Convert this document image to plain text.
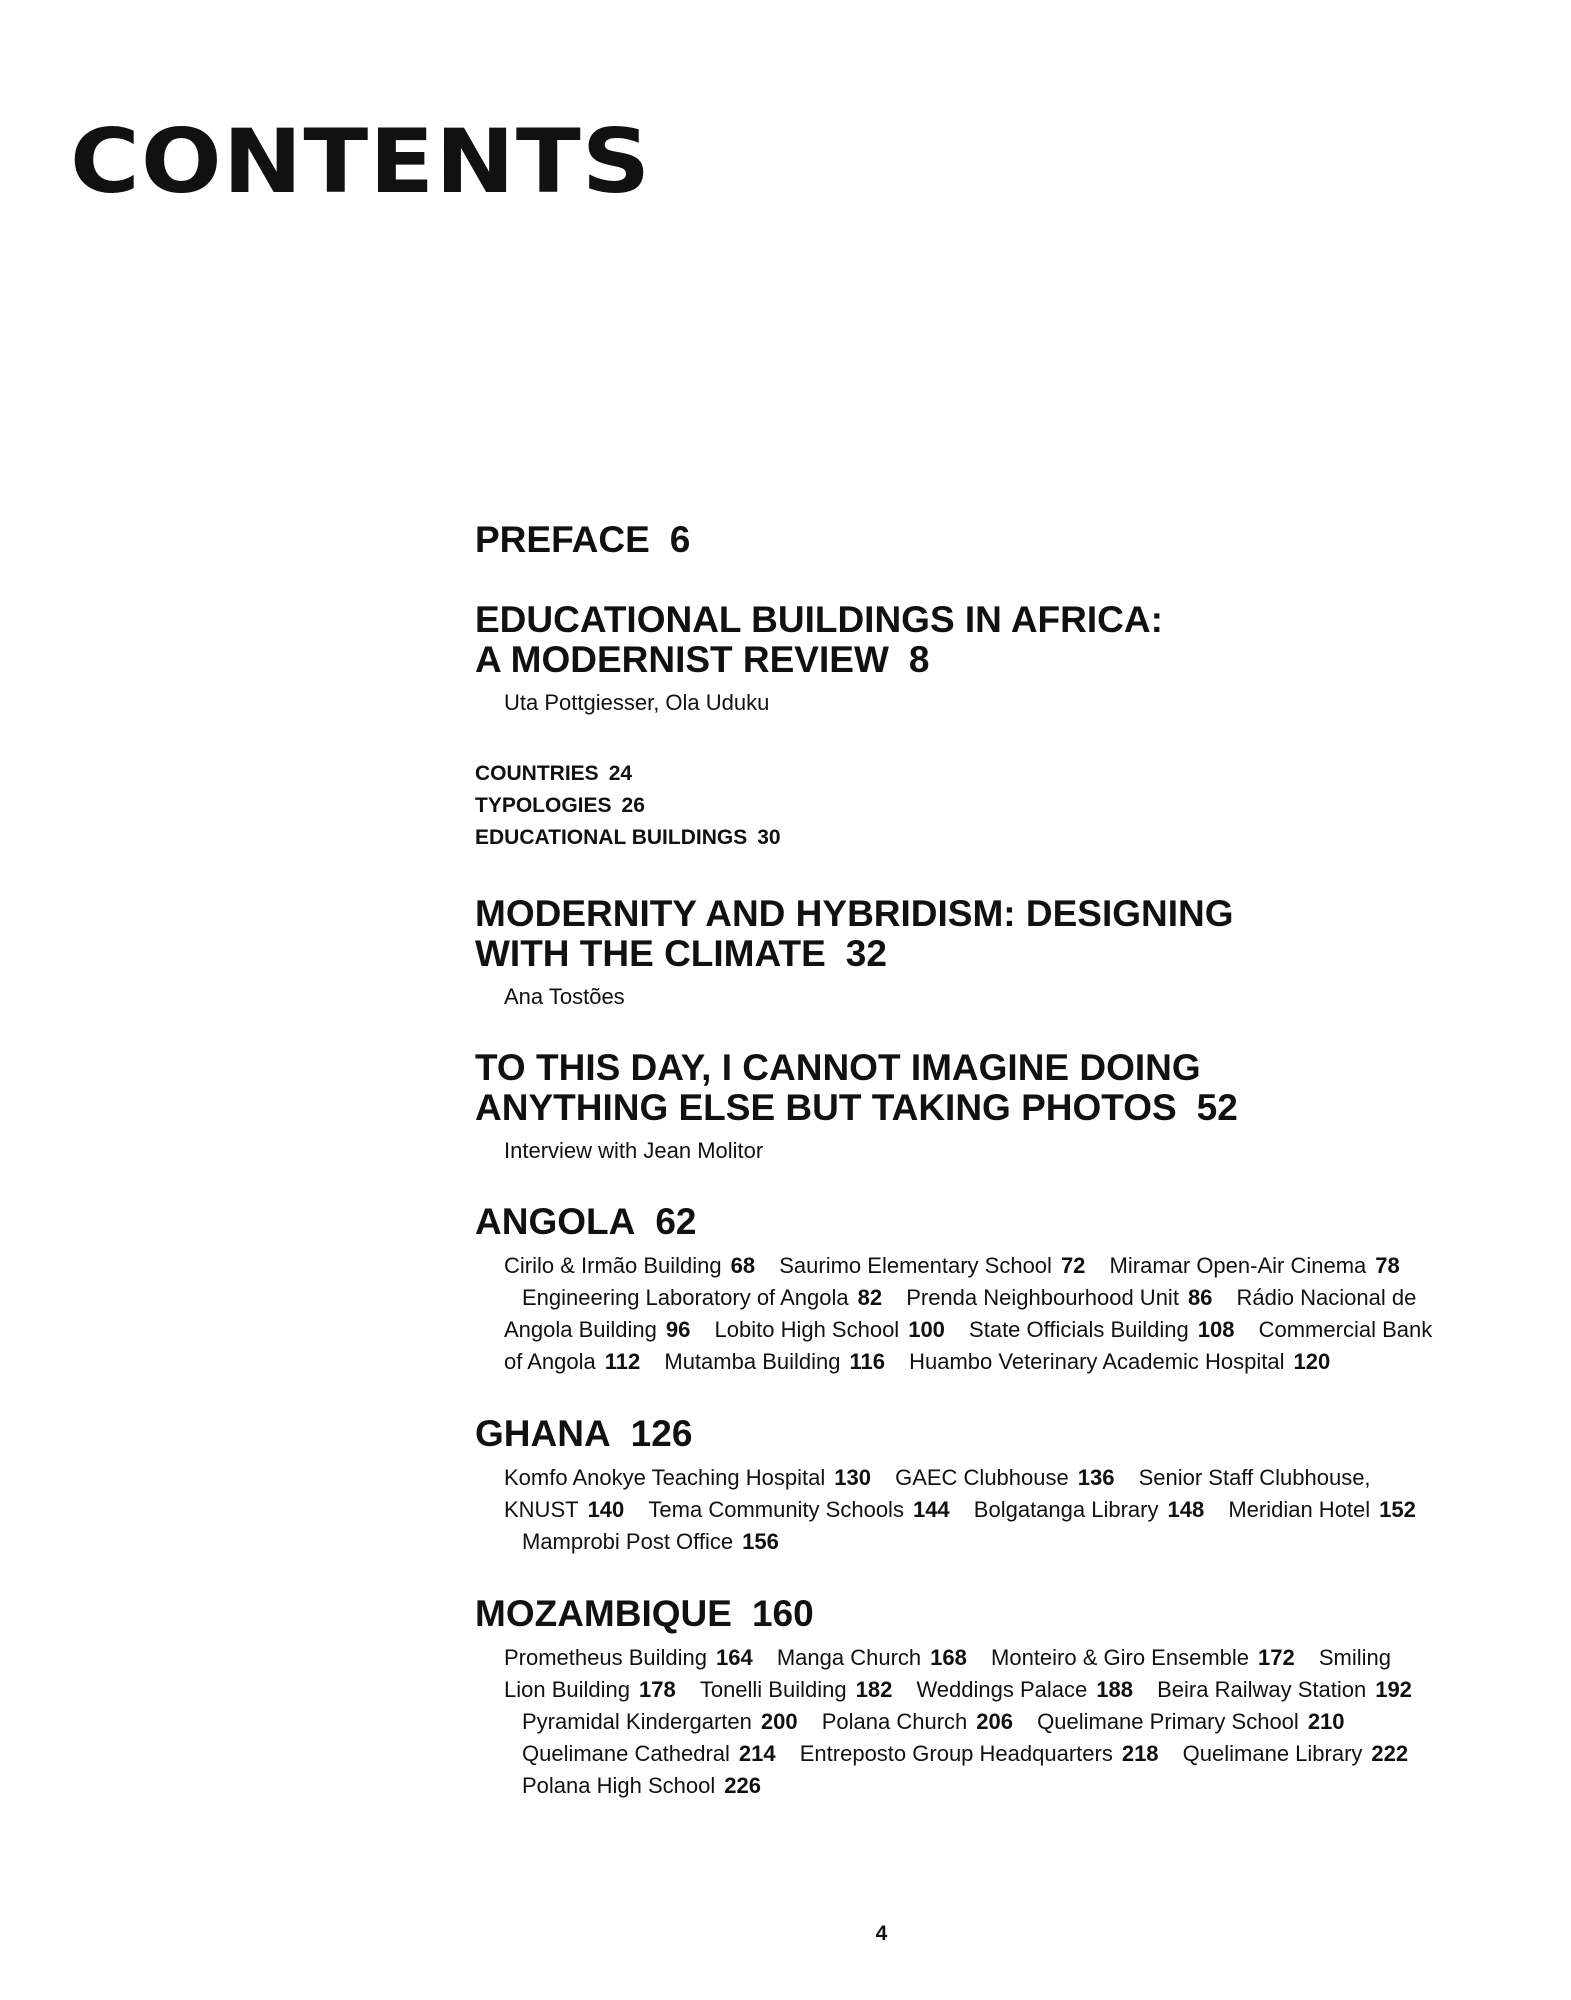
CONTENTS

PREFACE 6

EDUCATIONAL BUILDINGS IN AFRICA:
A MODERNIST REVIEW 8

Uta Pottgiesser, Ola Uduku

COUNTRIES 24

TYPOLOGIES 26

EDUCATIONAL BUILDINGS 30

MODERNITY AND HYBRIDISM: DESIGNING
WITH THE CLIMATE 32

Ana Tostões

TO THIS DAY, I CANNOT IMAGINE DOING
ANYTHING ELSE BUT TAKING PHOTOS 52

Interview with Jean Molitor

ANGOLA 62

Cirilo & Irmão Building 68 Saurimo Elementary School 72 Miramar Open-Air Cinema 78 Engineering Laboratory of Angola 82 Prenda Neighbourhood Unit 86 Rádio Nacional de Angola Building 96 Lobito High School 100 State Officials Building 108 Commercial Bank of Angola 112 Mutamba Building 116 Huambo Veterinary Academic Hospital 120

GHANA 126

Komfo Anokye Teaching Hospital 130 GAEC Clubhouse 136 Senior Staff Clubhouse, KNUST 140 Tema Community Schools 144 Bolgatanga Library 148 Meridian Hotel 152 Mamprobi Post Office 156

MOZAMBIQUE 160

Prometheus Building 164 Manga Church 168 Monteiro & Giro Ensemble 172 Smiling Lion Building 178 Tonelli Building 182 Weddings Palace 188 Beira Railway Station 192 Pyramidal Kindergarten 200 Polana Church 206 Quelimane Primary School 210 Quelimane Cathedral 214 Entreposto Group Headquarters 218 Quelimane Library 222 Polana High School 226
4
